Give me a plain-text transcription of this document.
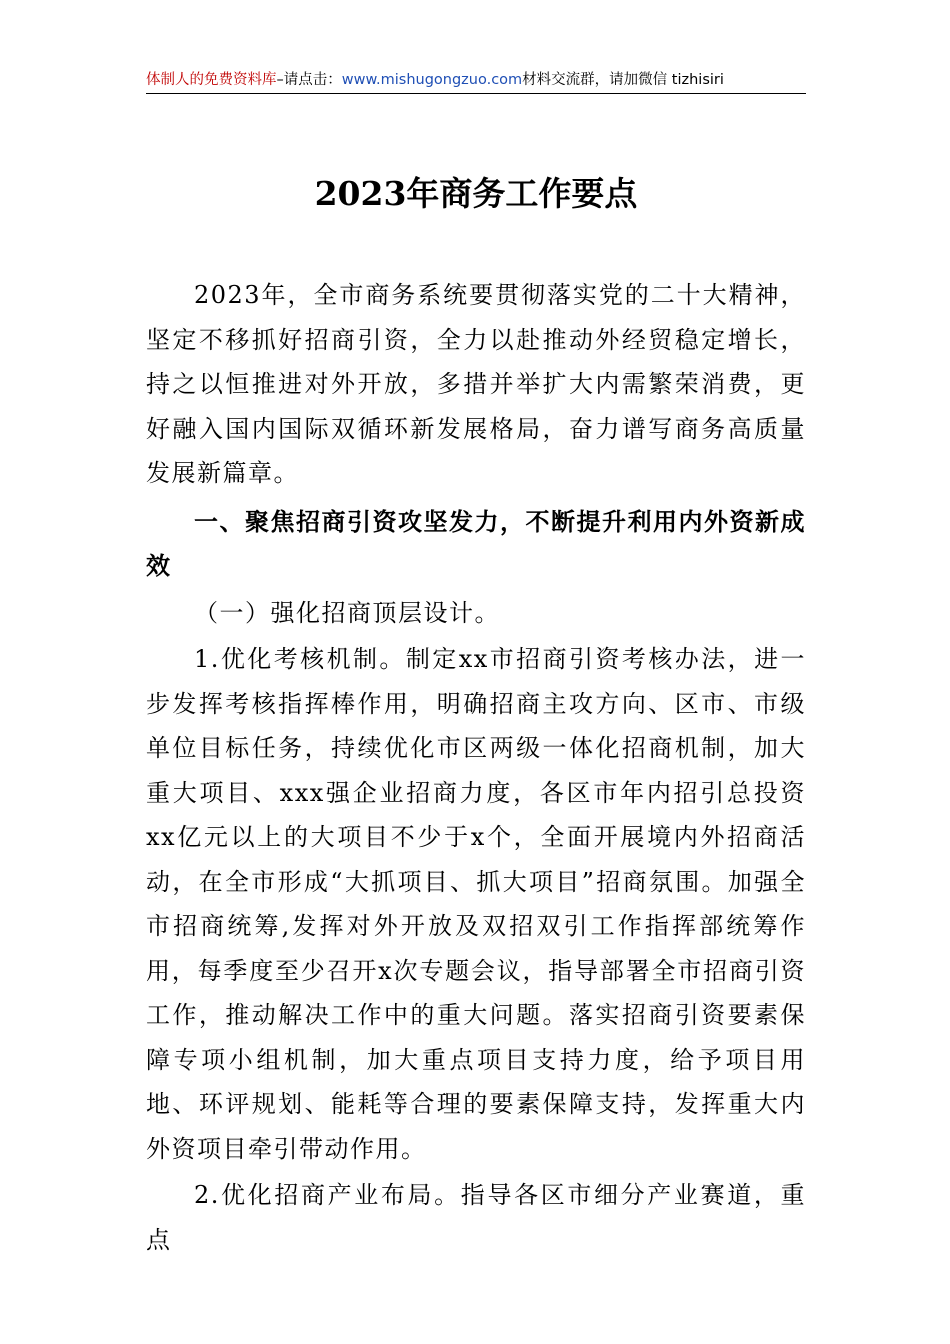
体制人的免费资料库–请点击：www.mishugongzuo.com材料交流群，请加微信 tizhisiri
2023年商务工作要点

2023年，全市商务系统要贯彻落实党的二十大精神，坚定不移抓好招商引资，全力以赴推动外经贸稳定增长，持之以恒推进对外开放，多措并举扩大内需繁荣消费，更好融入国内国际双循环新发展格局，奋力谱写商务高质量发展新篇章。

一、聚焦招商引资攻坚发力，不断提升利用内外资新成效

（一）强化招商顶层设计。

1.优化考核机制。制定xx市招商引资考核办法，进一步发挥考核指挥棒作用，明确招商主攻方向、区市、市级单位目标任务，持续优化市区两级一体化招商机制，加大重大项目、xxx强企业招商力度，各区市年内招引总投资xx亿元以上的大项目不少于x个，全面开展境内外招商活动，在全市形成“大抓项目、抓大项目”招商氛围。加强全市招商统筹,发挥对外开放及双招双引工作指挥部统筹作用，每季度至少召开x次专题会议，指导部署全市招商引资工作，推动解决工作中的重大问题。落实招商引资要素保障专项小组机制，加大重点项目支持力度，给予项目用地、环评规划、能耗等合理的要素保障支持，发挥重大内外资项目牵引带动作用。

2.优化招商产业布局。指导各区市细分产业赛道，重点
